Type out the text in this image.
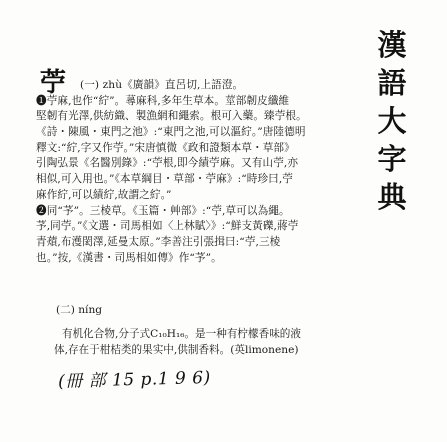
漢
語
大
字
典
苧 (一) zhù《廣韻》直呂切,上語澄。
❶苧麻,也作“紵”。蕁麻科,多年生草本。莖部韌皮纖維
堅韌有光澤,供紡織、製漁網和繩索。根可入藥。臻苧根。
《詩・陳風・東門之池》:“東門之池,可以漚紵。”唐陸德明
釋文:“紵,字又作苧。”宋唐慎微《政和證類本草・草部》
引陶弘景《名醫別錄》:“苧根,即今績苧麻。又有山苧,亦
相似,可入用也。”《本草綱目・草部・苧麻》:“時珍曰,苧
麻作紵,可以績紵,故謂之紵。”
❷同“芧”。三棱草。《玉篇・艸部》:“苧,草可以為繩。
芧,同苧。”《文選・司馬相如〈上林賦〉》:“鮮支黃礫,蔣苧
青薠,布濩閎澤,延曼太原。”李善注引張揖曰:“苧,三棱
也。”按,《漢書・司馬相如傳》作“芧”。
(二) níng
有机化合物,分子式C₁₀H₁₆。是一种有柠檬香味的液
体,存在于柑桔类的果实中,供制香料。(英limonene)
(冊 部 15 p.1 9 6)
